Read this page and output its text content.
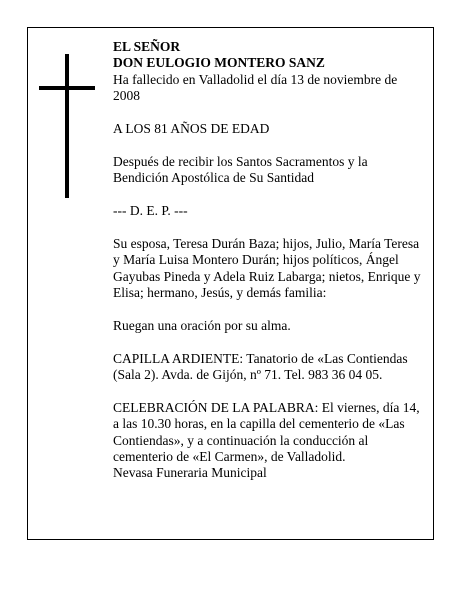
EL SEÑOR

DON EULOGIO MONTERO SANZ

Ha fallecido en Valladolid el día 13 de noviembre de 2008

A LOS 81 AÑOS DE EDAD

Después de recibir los Santos Sacramentos y la Bendición Apostólica de Su Santidad

--- D. E. P. ---

Su esposa, Teresa Durán Baza; hijos, Julio, María Teresa y María Luisa Montero Durán; hijos políticos, Ángel Gayubas Pineda y Adela Ruiz Labarga; nietos, Enrique y Elisa; hermano, Jesús, y demás familia:

Ruegan una oración por su alma.

CAPILLA ARDIENTE: Tanatorio de «Las Contiendas (Sala 2). Avda. de Gijón, nº 71. Tel. 983 36 04 05.

CELEBRACIÓN DE LA PALABRA: El viernes, día 14, a las 10.30 horas, en la capilla del cementerio de «Las Contiendas», y a continuación la conducción al cementerio de «El Carmen», de Valladolid.

Nevasa Funeraria Municipal
